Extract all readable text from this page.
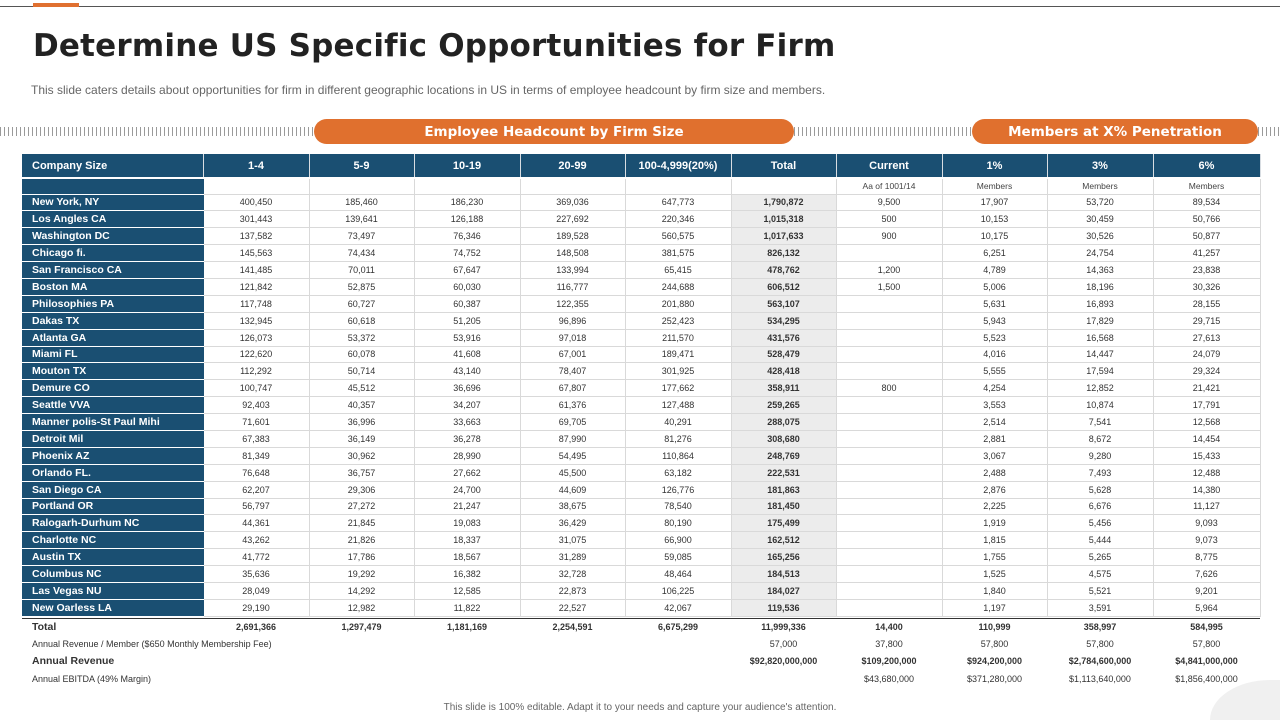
Determine US Specific Opportunities for Firm

This slide caters details about opportunities for firm in different geographic locations in US in terms of employee headcount by firm size and members.

Employee Headcount by Firm Size	Members at X% Penetration
Company Size	1-4	5-9	10-19	20-99	100-4,999(20%)	Total	Current	1%	3%	6%
							Aa of 1001/14	Members	Members	Members
New York, NY	400,450	185,460	186,230	369,036	647,773	1,790,872	9,500	17,907	53,720	89,534
Los Angles CA	301,443	139,641	126,188	227,692	220,346	1,015,318	500	10,153	30,459	50,766
Washington DC	137,582	73,497	76,346	189,528	560,575	1,017,633	900	10,175	30,526	50,877
Chicago fi.	145,563	74,434	74,752	148,508	381,575	826,132		6,251	24,754	41,257
San Francisco CA	141,485	70,011	67,647	133,994	65,415	478,762	1,200	4,789	14,363	23,838
Boston MA	121,842	52,875	60,030	116,777	244,688	606,512	1,500	5,006	18,196	30,326
Philosophies PA	117,748	60,727	60,387	122,355	201,880	563,107		5,631	16,893	28,155
Dakas TX	132,945	60,618	51,205	96,896	252,423	534,295		5,943	17,829	29,715
Atlanta GA	126,073	53,372	53,916	97,018	211,570	431,576		5,523	16,568	27,613
Miami FL	122,620	60,078	41,608	67,001	189,471	528,479		4,016	14,447	24,079
Mouton TX	112,292	50,714	43,140	78,407	301,925	428,418		5,555	17,594	29,324
Demure CO	100,747	45,512	36,696	67,807	177,662	358,911	800	4,254	12,852	21,421
Seattle VVA	92,403	40,357	34,207	61,376	127,488	259,265		3,553	10,874	17,791
Manner polis-St Paul Mihi	71,601	36,996	33,663	69,705	40,291	288,075		2,514	7,541	12,568
Detroit Mil	67,383	36,149	36,278	87,990	81,276	308,680		2,881	8,672	14,454
Phoenix AZ	81,349	30,962	28,990	54,495	110,864	248,769		3,067	9,280	15,433
Orlando FL.	76,648	36,757	27,662	45,500	63,182	222,531		2,488	7,493	12,488
San Diego CA	62,207	29,306	24,700	44,609	126,776	181,863		2,876	5,628	14,380
Portland OR	56,797	27,272	21,247	38,675	78,540	181,450		2,225	6,676	11,127
Ralogarh-Durhum NC	44,361	21,845	19,083	36,429	80,190	175,499		1,919	5,456	9,093
Charlotte NC	43,262	21,826	18,337	31,075	66,900	162,512		1,815	5,444	9,073
Austin TX	41,772	17,786	18,567	31,289	59,085	165,256		1,755	5,265	8,775
Columbus NC	35,636	19,292	16,382	32,728	48,464	184,513		1,525	4,575	7,626
Las Vegas NU	28,049	14,292	12,585	22,873	106,225	184,027		1,840	5,521	9,201
New Oarless LA	29,190	12,982	11,822	22,527	42,067	119,536		1,197	3,591	5,964
Total	2,691,366	1,297,479	1,181,169	2,254,591	6,675,299	11,999,336	14,400	110,999	358,997	584,995
Annual Revenue / Member ($650 Monthly Membership Fee)						57,000	37,800	57,800	57,800	57,800
Annual Revenue						$92,820,000,000	$109,200,000	$924,200,000	$2,784,600,000	$4,841,000,000
Annual EBITDA (49% Margin)							$43,680,000	$371,280,000	$1,113,640,000	$1,856,400,000

This slide is 100% editable. Adapt it to your needs and capture your audience's attention.
